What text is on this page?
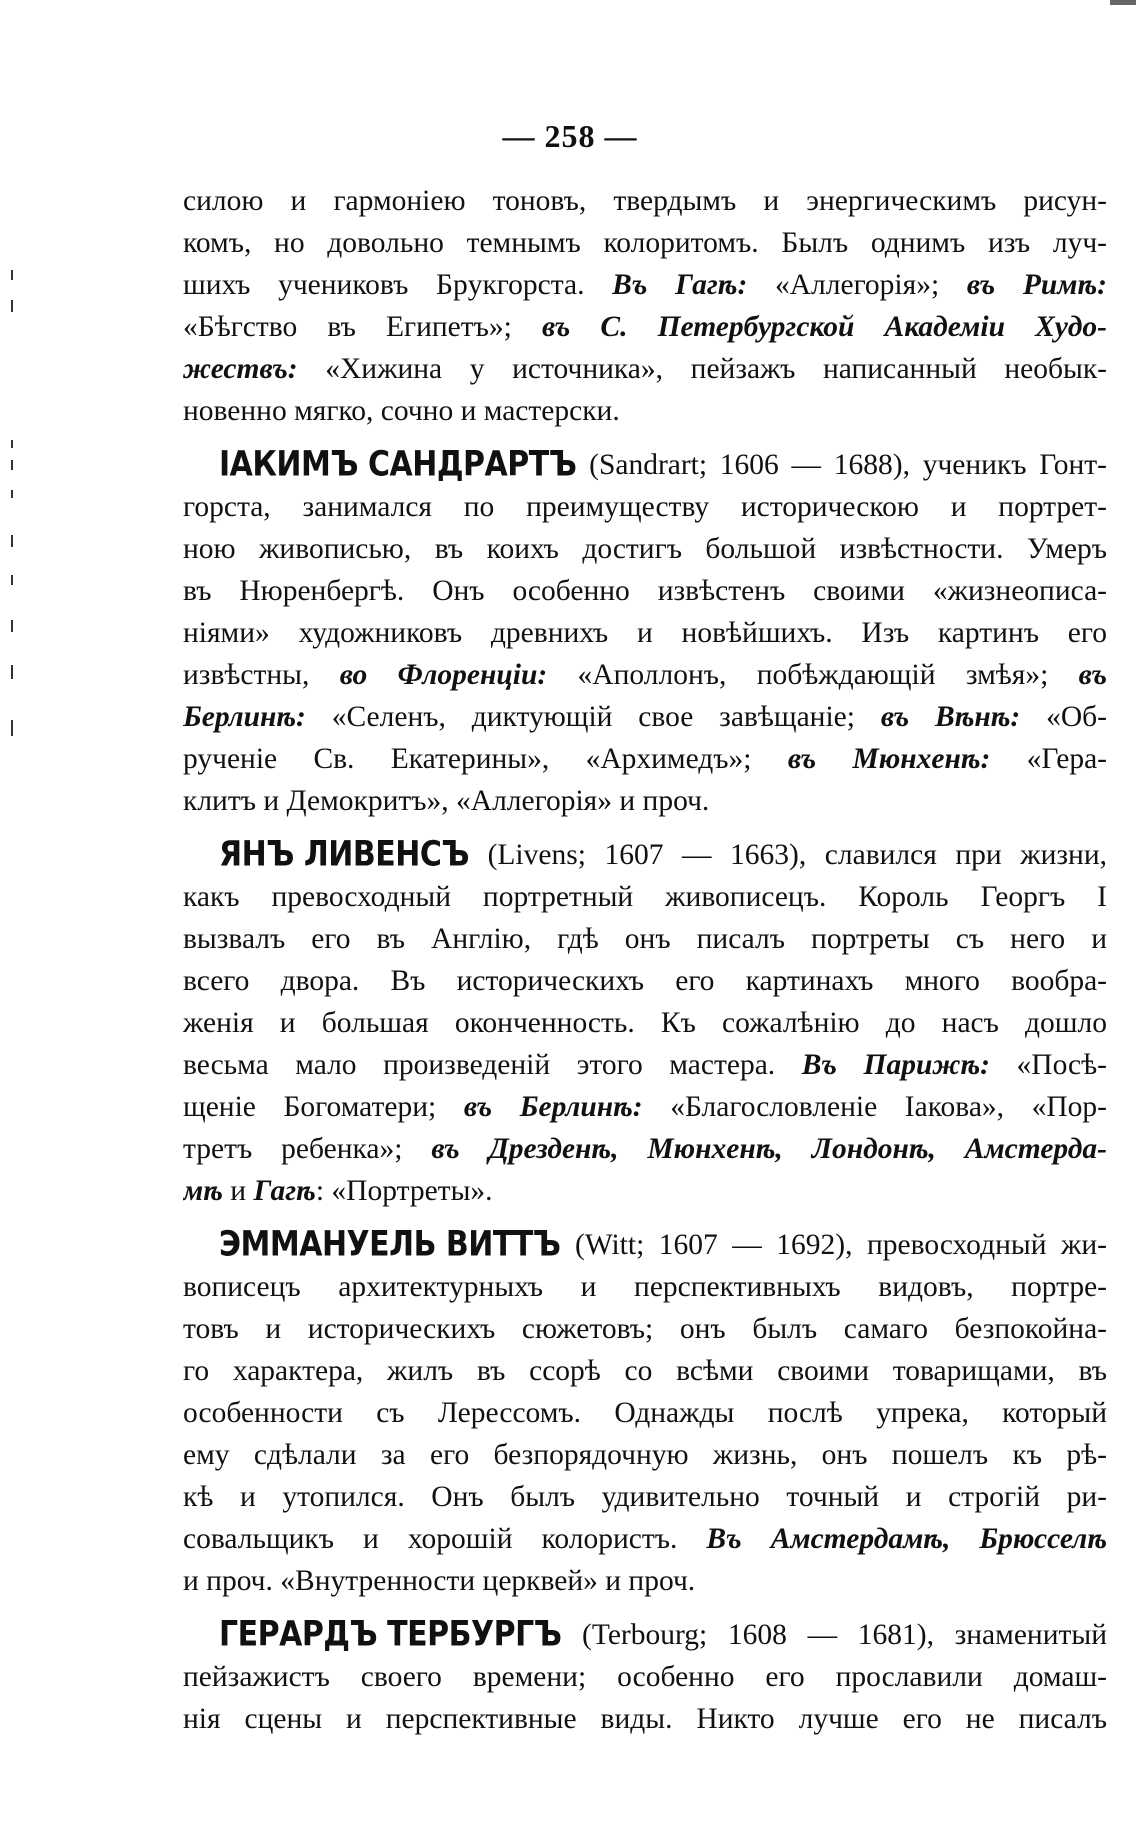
— 258 —
силою и гармоніею тоновъ, твердымъ и энергическимъ рисун-
комъ, но довольно темнымъ колоритомъ. Былъ однимъ изъ луч-
шихъ учениковъ Бpукгорста. Въ Гагѣ: «Аллегорія»; въ Римѣ:
«Бѣгство въ Египетъ»; въ С. Петербургской Академіи Худо-
жествъ: «Хижина у источника», пейзажъ написанный необык-
новенно мягко, сочно и мастерски.
ІАКИМЪ САНДРАРТЪ (Sandrart; 1606 — 1688), ученикъ Гонт-
горста, занимался по преимуществу историческою и портрет-
ною живописью, въ коихъ достигъ большой извѣстности. Умеръ
въ Нюренбергѣ. Онъ особенно извѣстенъ своими «жизнеописа-
ніями» художниковъ древнихъ и новѣйшихъ. Изъ картинъ его
извѣстны, во Флоренціи: «Аполлонъ, побѣждающій змѣя»; въ
Берлинѣ: «Селенъ, диктующій свое завѣщаніе; въ Вѣнѣ: «Об-
рученіе Св. Екатерины», «Архимедъ»; въ Мюнхенѣ: «Гера-
клитъ и Демокритъ», «Аллегорія» и проч.
ЯНЪ ЛИВЕНСЪ (Livens; 1607 — 1663), славился при жизни,
какъ превосходный портретный живописецъ. Король Георгъ I
вызвалъ его въ Англію, гдѣ онъ писалъ портреты съ него и
всего двора. Въ историческихъ его картинахъ много вообра-
женія и большая оконченность. Къ сожалѣнію до насъ дошло
весьма мало произведеній этого мастера. Въ Парижѣ: «Посѣ-
щеніе Богоматери; въ Берлинѣ: «Благословленіе Іакова», «Пор-
третъ ребенка»; въ Дрезденѣ, Мюнхенѣ, Лондонѣ, Амстерда-
мѣ и Гагѣ: «Портреты».
ЭММАНУЕЛЬ ВИТТЪ (Witt; 1607 — 1692), превосходный жи-
вописецъ архитектурныхъ и перспективныхъ видовъ, портре-
товъ и историческихъ сюжетовъ; онъ былъ самаго безпокойна-
го характера, жилъ въ ссорѣ со всѣми своими товарищами, въ
особенности съ Лерессомъ. Однажды послѣ упрека, который
ему сдѣлали за его безпорядочную жизнь, онъ пошелъ къ рѣ-
кѣ и утопился. Онъ былъ удивительно точный и строгій ри-
совальщикъ и хорошій колористъ. Въ Амстердамѣ, Брюсселѣ
и проч. «Внутренности церквей» и проч.
ГЕРАРДЪ ТЕРБУРГЪ (Terbourg; 1608 — 1681), знаменитый
пейзажистъ своего времени; особенно его прославили домаш-
нія сцены и перспективные виды. Никто лучше его не писалъ
